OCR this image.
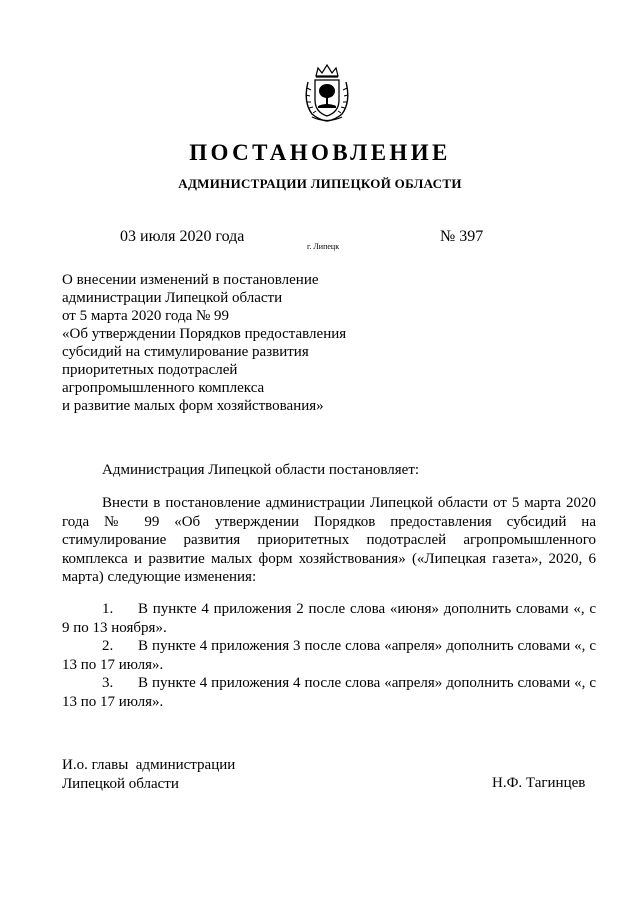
ПОСТАНОВЛЕНИЕ
АДМИНИСТРАЦИИ ЛИПЕЦКОЙ ОБЛАСТИ
03 июля 2020 года
г. Липецк
№ 397
О внесении изменений в постановление
администрации Липецкой области
от 5 марта 2020 года № 99
«Об утверждении Порядков предоставления
субсидий на стимулирование развития
приоритетных подотраслей
агропромышленного комплекса
и развитие малых форм хозяйствования»
Администрация Липецкой области постановляет:
Внести в постановление администрации Липецкой области от 5 марта 2020 года № 99 «Об утверждении Порядков предоставления субсидий на стимулирование развития приоритетных подотраслей агропромышленного комплекса и развитие малых форм хозяйствования» («Липецкая газета», 2020, 6 марта) следующие изменения:
1. В пункте 4 приложения 2 после слова «июня» дополнить словами «, с 9 по 13 ноября».
2. В пункте 4 приложения 3 после слова «апреля» дополнить словами «, с 13 по 17 июля».
3. В пункте 4 приложения 4 после слова «апреля» дополнить словами «, с 13 по 17 июля».
И.о. главы  администрации
Липецкой области	Н.Ф. Тагинцев
